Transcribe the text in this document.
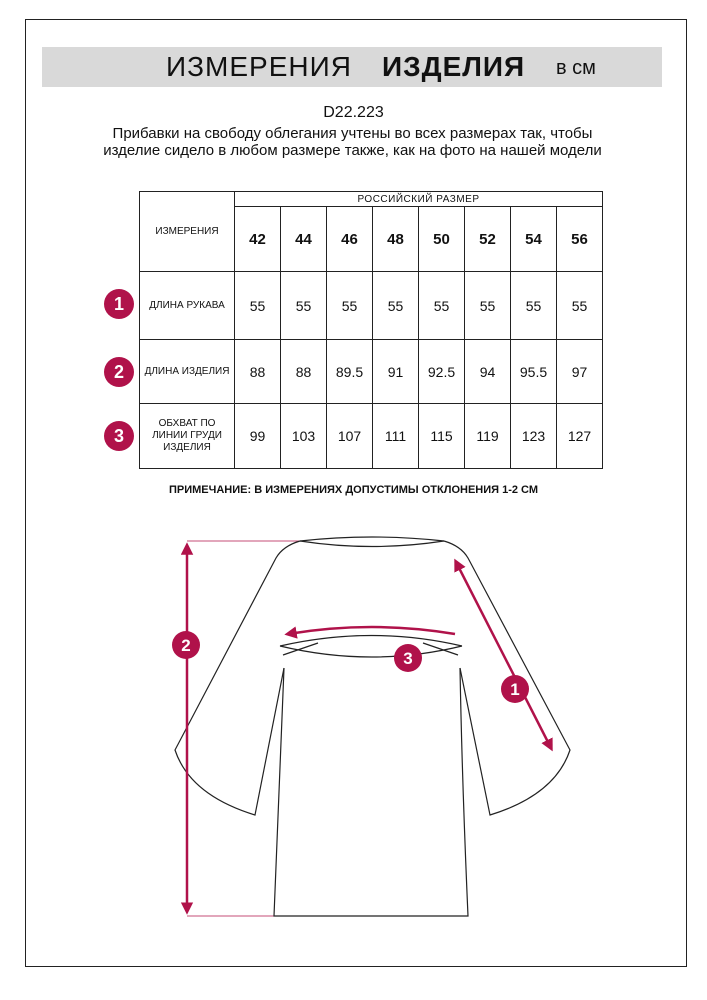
ИЗМЕРЕНИЯ ИЗДЕЛИЯ в см
D22.223
Прибавки на свободу облегания учтены во всех размерах так, чтобы изделие сидело в любом размере также, как на фото на нашей модели
ИЗМЕРЕНИЯ	РОССИЙСКИЙ РАЗМЕР							
	42	44	46	48	50	52	54	56
ДЛИНА РУКАВА	55	55	55	55	55	55	55	55
ДЛИНА ИЗДЕЛИЯ	88	88	89.5	91	92.5	94	95.5	97
ОБХВАТ ПО ЛИНИИ ГРУДИ ИЗДЕЛИЯ	99	103	107	111	115	119	123	127
1
2
3
ПРИМЕЧАНИЕ: В ИЗМЕРЕНИЯХ ДОПУСТИМЫ ОТКЛОНЕНИЯ 1-2 СМ
2
3
1
